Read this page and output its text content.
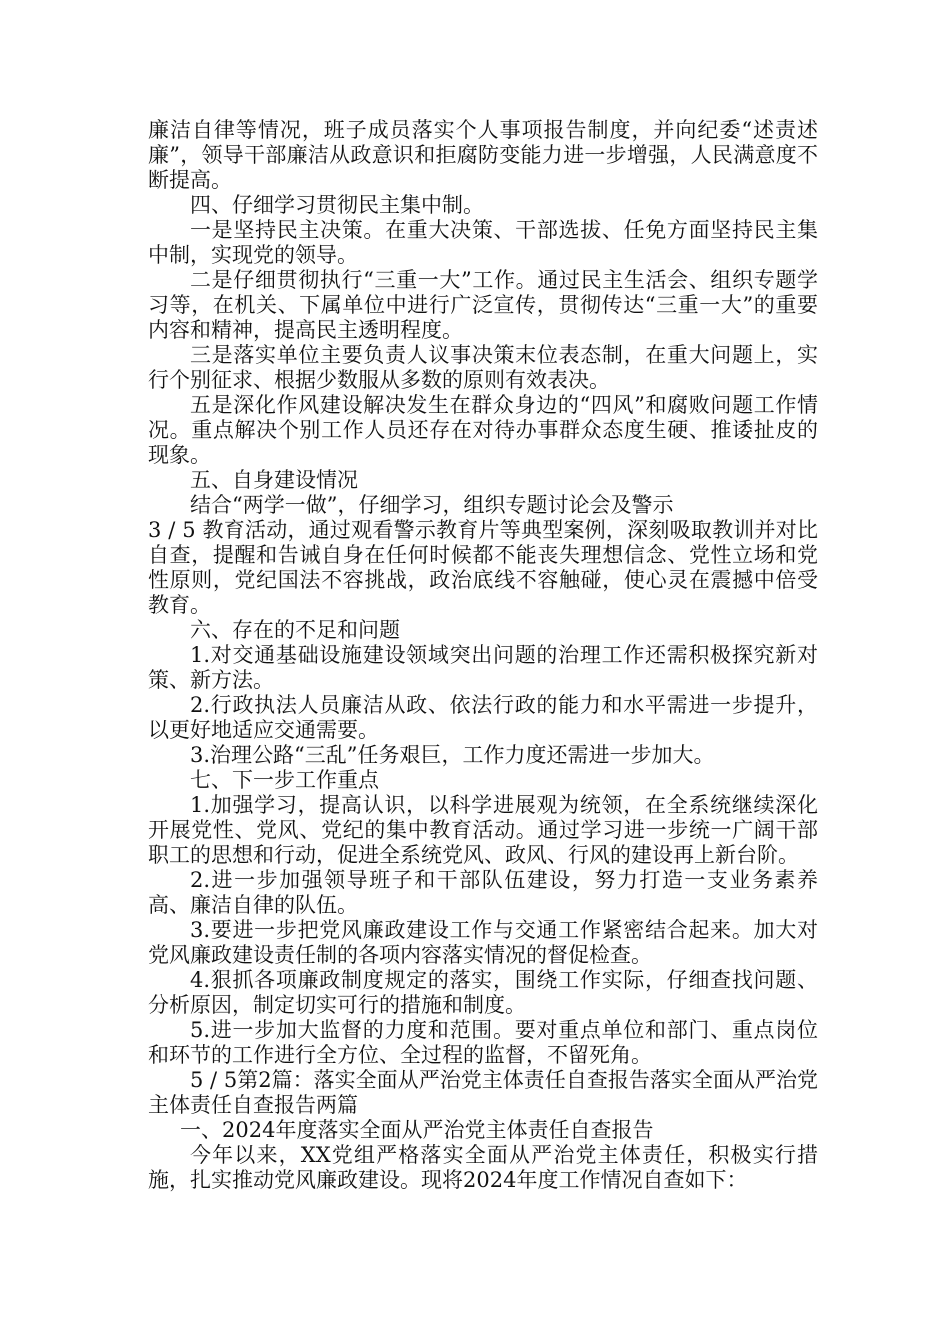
廉洁自律等情况，班子成员落实个人事项报告制度，并向纪委“述责述廉”，领导干部廉洁从政意识和拒腐防变能力进一步增强，人民满意度不断提高。

四、仔细学习贯彻民主集中制。

一是坚持民主决策。在重大决策、干部选拔、任免方面坚持民主集中制，实现党的领导。

二是仔细贯彻执行“三重一大”工作。通过民主生活会、组织专题学习等，在机关、下属单位中进行广泛宣传，贯彻传达“三重一大”的重要内容和精神，提高民主透明程度。

三是落实单位主要负责人议事决策末位表态制，在重大问题上，实行个别征求、根据少数服从多数的原则有效表决。

五是深化作风建设解决发生在群众身边的“四风”和腐败问题工作情况。重点解决个别工作人员还存在对待办事群众态度生硬、推诿扯皮的现象。

五、自身建设情况

结合“两学一做”，仔细学习，组织专题讨论会及警示

3 / 5 教育活动，通过观看警示教育片等典型案例，深刻吸取教训并对比自查，提醒和告诫自身在任何时候都不能丧失理想信念、党性立场和党性原则，党纪国法不容挑战，政治底线不容触碰，使心灵在震撼中倍受教育。

六、存在的不足和问题

1.对交通基础设施建设领域突出问题的治理工作还需积极探究新对策、新方法。

2.行政执法人员廉洁从政、依法行政的能力和水平需进一步提升，以更好地适应交通需要。

3.治理公路“三乱”任务艰巨，工作力度还需进一步加大。

七、下一步工作重点

1.加强学习，提高认识，以科学进展观为统领，在全系统继续深化开展党性、党风、党纪的集中教育活动。通过学习进一步统一广阔干部职工的思想和行动，促进全系统党风、政风、行风的建设再上新台阶。

2.进一步加强领导班子和干部队伍建设，努力打造一支业务素养高、廉洁自律的队伍。

3.要进一步把党风廉政建设工作与交通工作紧密结合起来。加大对党风廉政建设责任制的各项内容落实情况的督促检查。

4.狠抓各项廉政制度规定的落实，围绕工作实际，仔细查找问题、分析原因，制定切实可行的措施和制度。

5.进一步加大监督的力度和范围。要对重点单位和部门、重点岗位和环节的工作进行全方位、全过程的监督，不留死角。

5 / 5第2篇：落实全面从严治党主体责任自查报告落实全面从严治党主体责任自查报告两篇

一、2024年度落实全面从严治党主体责任自查报告

今年以来，XX党组严格落实全面从严治党主体责任，积极实行措施，扎实推动党风廉政建设。现将2024年度工作情况自查如下：
